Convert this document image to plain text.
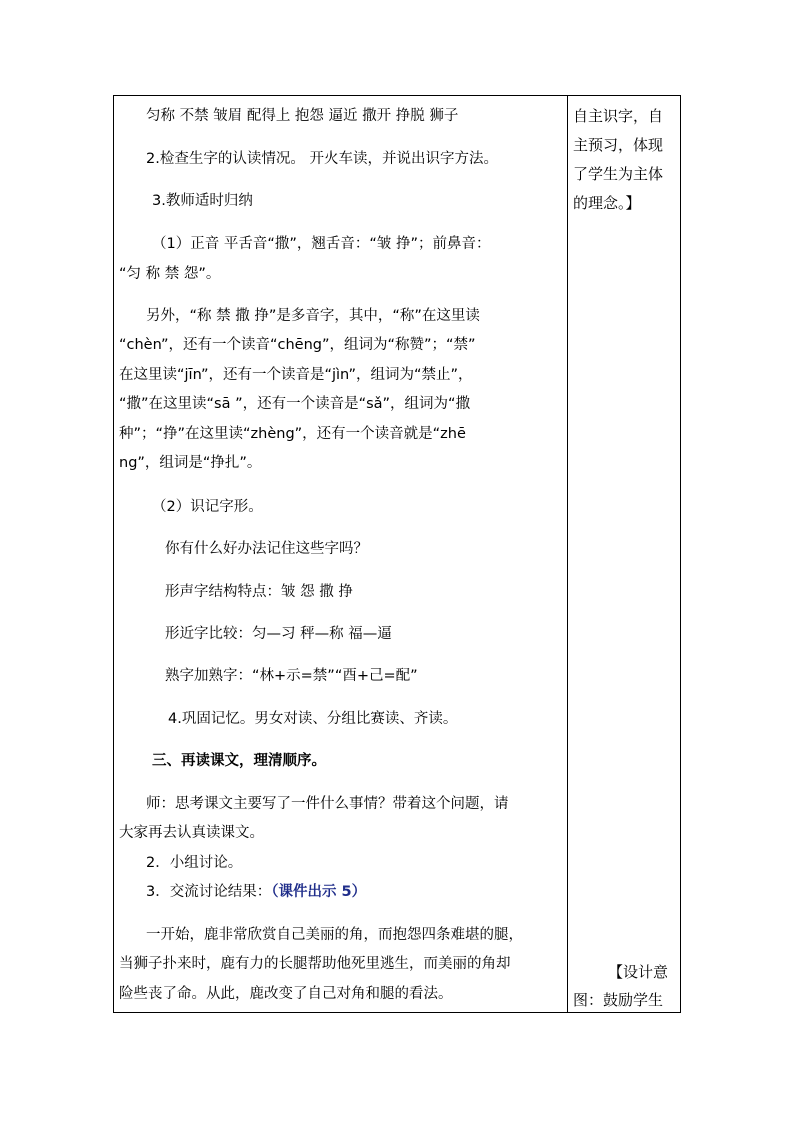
匀称 不禁 皱眉 配得上 抱怨 逼近 撒开 挣脱 狮子
2.检查生字的认读情况。 开火车读，并说出识字方法。
3.教师适时归纳
（1）正音 平舌音“撒”，翘舌音：“皱 挣”；前鼻音：
“匀 称 禁 怨”。
另外，“称 禁 撒 挣”是多音字，其中，“称”在这里读
“chèn”，还有一个读音“chēng”，组词为“称赞”；“禁”
在这里读“jīn”，还有一个读音是“jìn”，组词为“禁止”，
“撒”在这里读“sā ”，还有一个读音是“sǎ”，组词为“撒
种”；“挣”在这里读“zhèng”，还有一个读音就是“zhē
ng”，组词是“挣扎”。
（2）识记字形。
你有什么好办法记住这些字吗？
形声字结构特点：皱 怨 撒 挣
形近字比较：匀—习 秤—称 福—逼
熟字加熟字：“林+示=禁”“酉+己=配”
4.巩固记忆。男女对读、分组比赛读、齐读。
三、再读课文，理清顺序。
师：思考课文主要写了一件什么事情？带着这个问题，请
大家再去认真读课文。
2．小组讨论。
3．交流讨论结果：（课件出示 5）
一开始，鹿非常欣赏自己美丽的角，而抱怨四条难堪的腿，
当狮子扑来时，鹿有力的长腿帮助他死里逃生，而美丽的角却
险些丧了命。从此，鹿改变了自己对角和腿的看法。
自主识字，自
主预习，体现
了学生为主体
的理念。】
【设计意
图：鼓励学生
